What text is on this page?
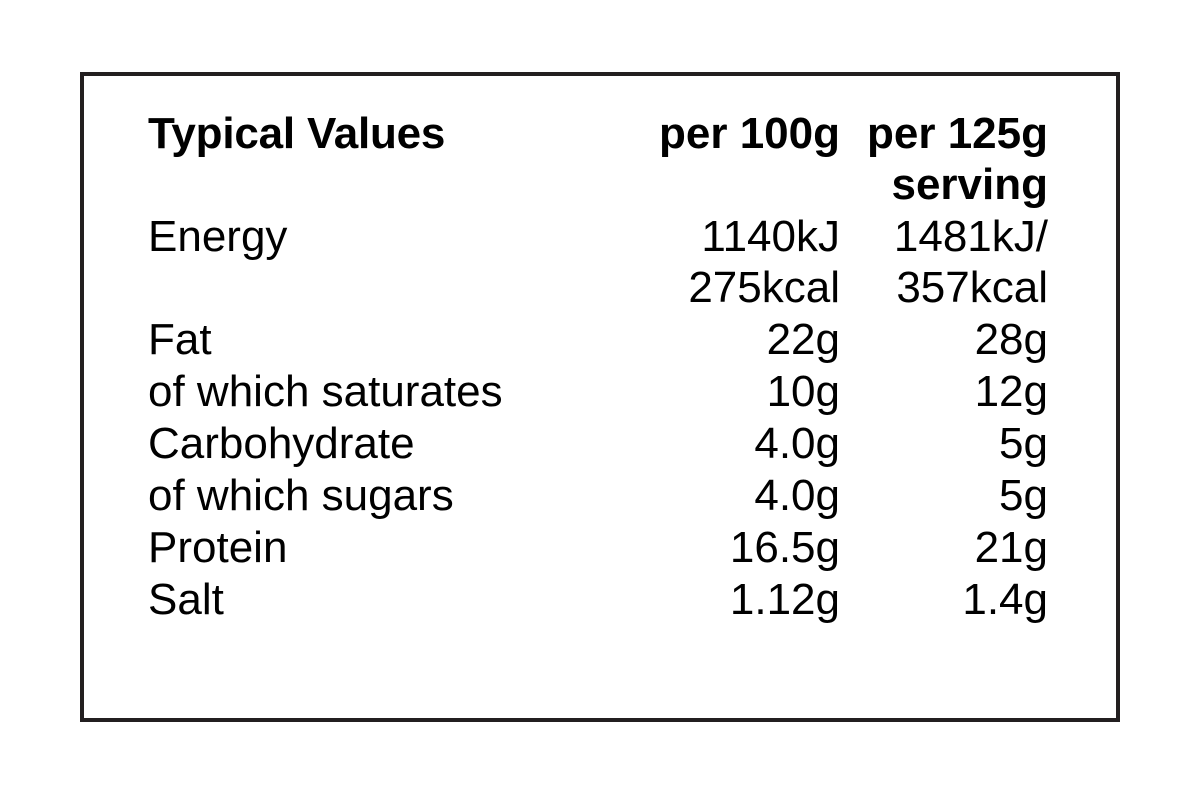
Typical Values	per 100g	per 125g
serving

Energy	1140kJ	1481kJ/
	275kcal	357kcal
Fat	22g	28g
of which saturates	10g	12g
Carbohydrate	4.0g	5g
of which sugars	4.0g	5g
Protein	16.5g	21g
Salt	1.12g	1.4g
